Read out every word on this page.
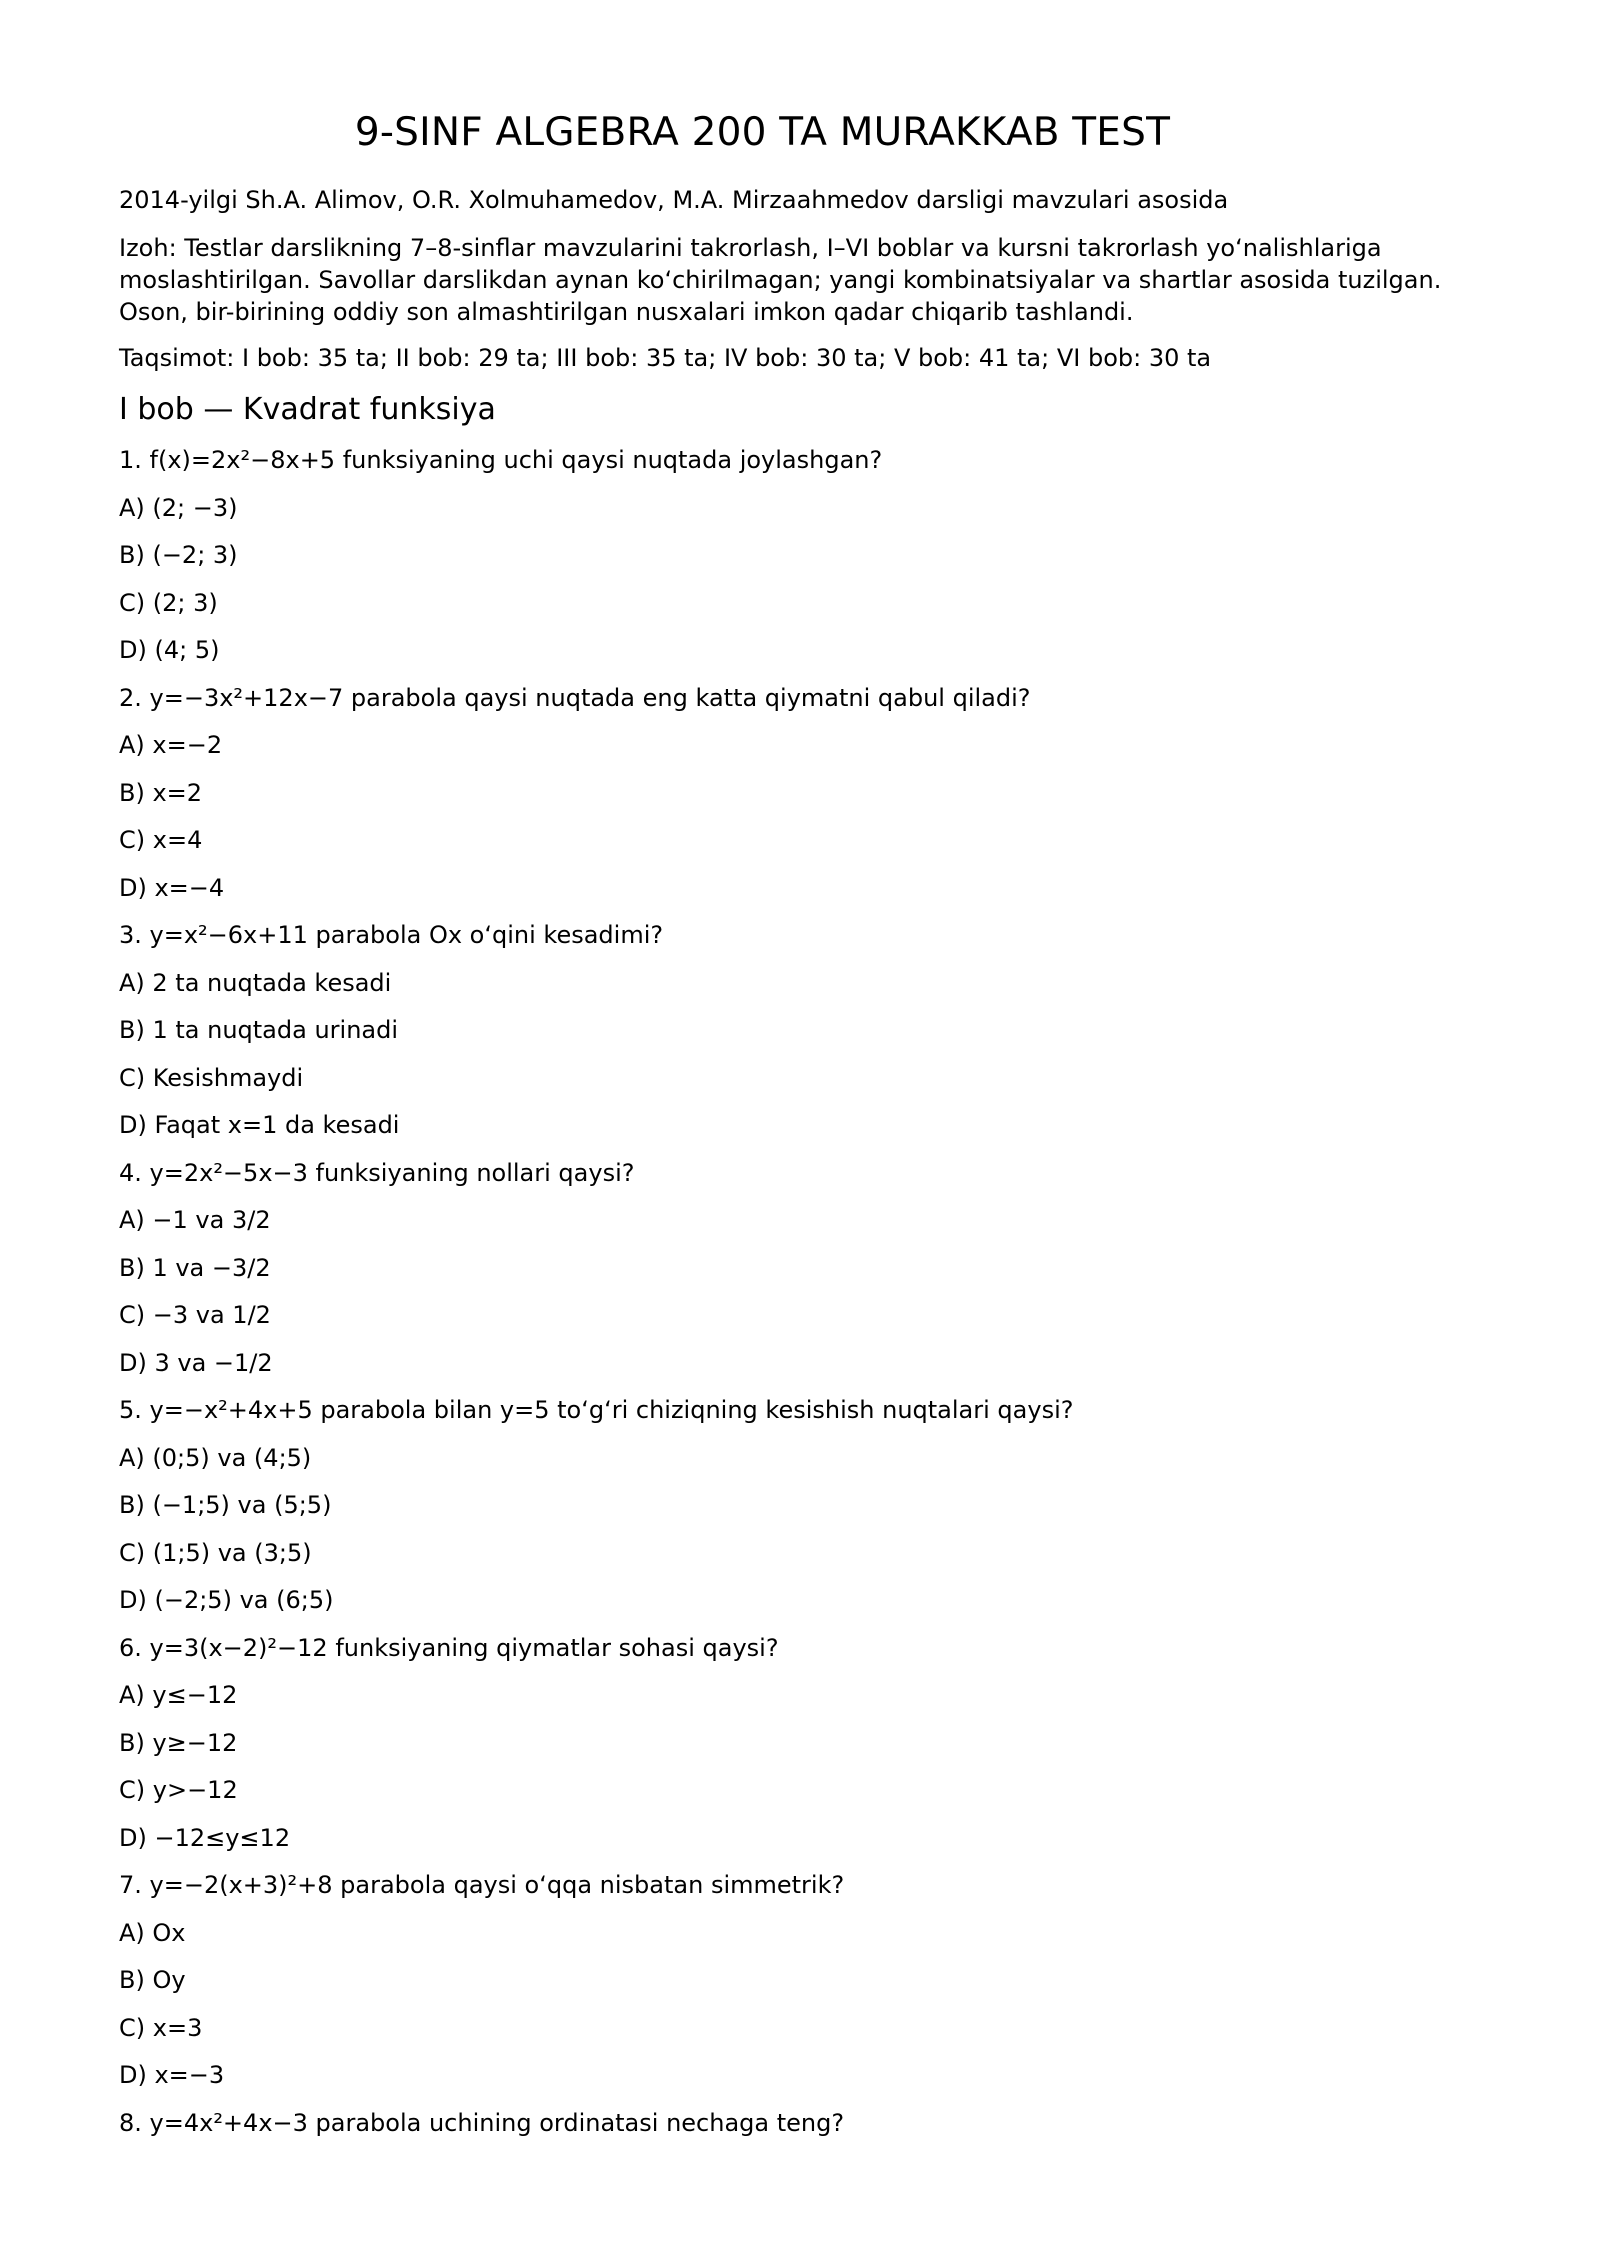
9-SINF ALGEBRA 200 TA MURAKKAB TEST
2014-yilgi Sh.A. Alimov, O.R. Xolmuhamedov, M.A. Mirzaahmedov darsligi mavzulari asosida
Izoh: Testlar darslikning 7–8-sinflar mavzularini takrorlash, I–VI boblar va kursni takrorlash yo‘nalishlariga
moslashtirilgan. Savollar darslikdan aynan ko‘chirilmagan; yangi kombinatsiyalar va shartlar asosida tuzilgan.
Oson, bir-birining oddiy son almashtirilgan nusxalari imkon qadar chiqarib tashlandi.
Taqsimot: I bob: 35 ta; II bob: 29 ta; III bob: 35 ta; IV bob: 30 ta; V bob: 41 ta; VI bob: 30 ta
I bob — Kvadrat funksiya
1. f(x)=2x²−8x+5 funksiyaning uchi qaysi nuqtada joylashgan?
A) (2; −3)
B) (−2; 3)
C) (2; 3)
D) (4; 5)
2. y=−3x²+12x−7 parabola qaysi nuqtada eng katta qiymatni qabul qiladi?
A) x=−2
B) x=2
C) x=4
D) x=−4
3. y=x²−6x+11 parabola Ox o‘qini kesadimi?
A) 2 ta nuqtada kesadi
B) 1 ta nuqtada urinadi
C) Kesishmaydi
D) Faqat x=1 da kesadi
4. y=2x²−5x−3 funksiyaning nollari qaysi?
A) −1 va 3/2
B) 1 va −3/2
C) −3 va 1/2
D) 3 va −1/2
5. y=−x²+4x+5 parabola bilan y=5 to‘g‘ri chiziqning kesishish nuqtalari qaysi?
A) (0;5) va (4;5)
B) (−1;5) va (5;5)
C) (1;5) va (3;5)
D) (−2;5) va (6;5)
6. y=3(x−2)²−12 funksiyaning qiymatlar sohasi qaysi?
A) y≤−12
B) y≥−12
C) y>−12
D) −12≤y≤12
7. y=−2(x+3)²+8 parabola qaysi o‘qqa nisbatan simmetrik?
A) Ox
B) Oy
C) x=3
D) x=−3
8. y=4x²+4x−3 parabola uchining ordinatasi nechaga teng?
